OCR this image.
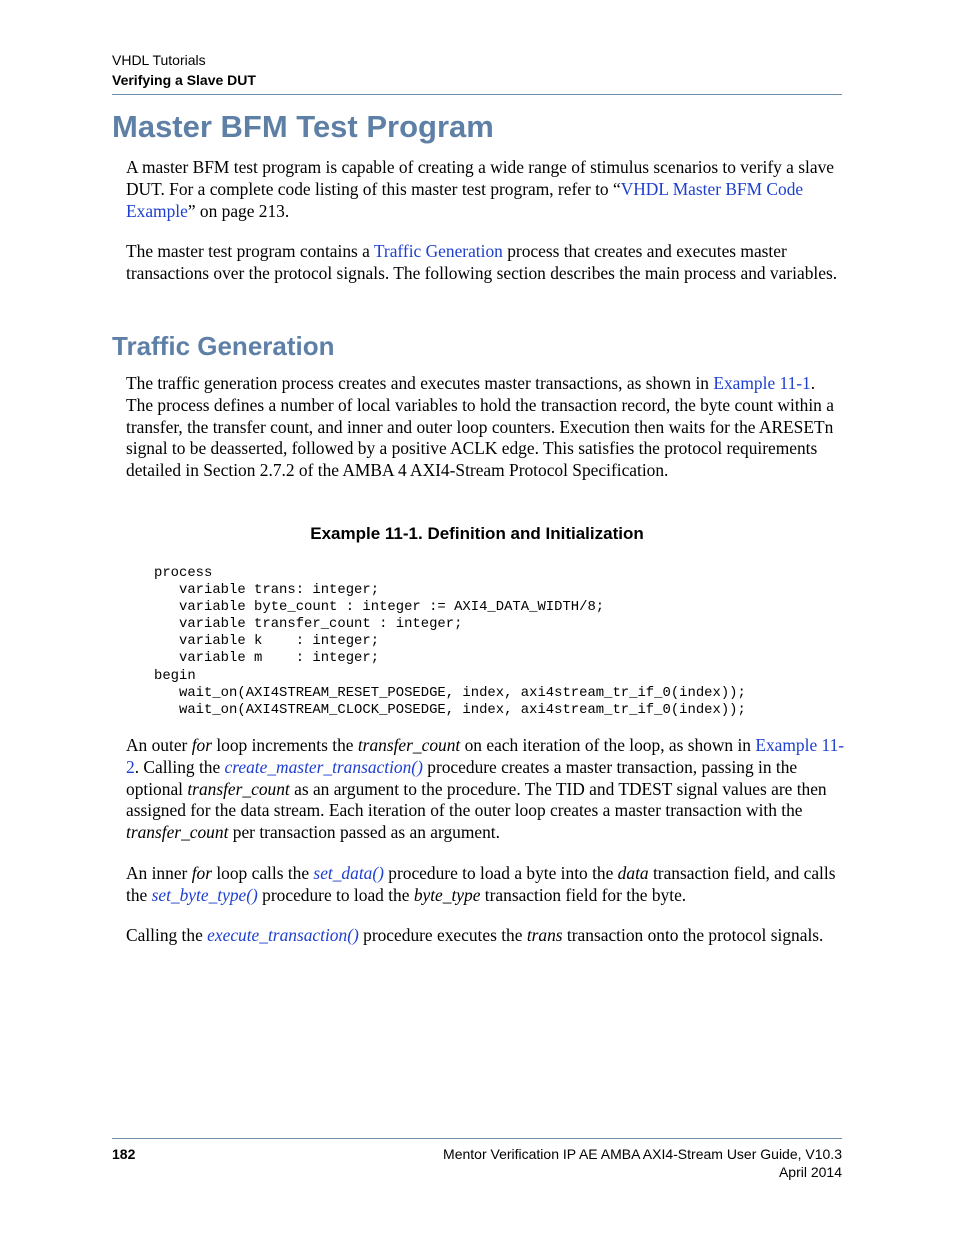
VHDL Tutorials
Verifying a Slave DUT
Master BFM Test Program

A master BFM test program is capable of creating a wide range of stimulus scenarios to verify a slave DUT. For a complete code listing of this master test program, refer to “VHDL Master BFM Code Example” on page 213.

The master test program contains a Traffic Generation process that creates and executes master transactions over the protocol signals. The following section describes the main process and variables.

Traffic Generation

The traffic generation process creates and executes master transactions, as shown in Example 11-1. The process defines a number of local variables to hold the transaction record, the byte count within a transfer, the transfer count, and inner and outer loop counters. Execution then waits for the ARESETn signal to be deasserted, followed by a positive ACLK edge. This satisfies the protocol requirements detailed in Section 2.7.2 of the AMBA 4 AXI4-Stream Protocol Specification.

Example 11-1. Definition and Initialization
process
variable trans: integer;
variable byte_count : integer := AXI4_DATA_WIDTH/8;
variable transfer_count : integer;
variable k    : integer;
variable m    : integer;
begin
wait_on(AXI4STREAM_RESET_POSEDGE, index, axi4stream_tr_if_0(index));
wait_on(AXI4STREAM_CLOCK_POSEDGE, index, axi4stream_tr_if_0(index));

An outer for loop increments the transfer_count on each iteration of the loop, as shown in Example 11-2. Calling the create_master_transaction() procedure creates a master transaction, passing in the optional transfer_count as an argument to the procedure. The TID and TDEST signal values are then assigned for the data stream. Each iteration of the outer loop creates a master transaction with the transfer_count per transaction passed as an argument.

An inner for loop calls the set_data() procedure to load a byte into the data transaction field, and calls the set_byte_type() procedure to load the byte_type transaction field for the byte.

Calling the execute_transaction() procedure executes the trans transaction onto the protocol signals.

182	Mentor Verification IP AE AMBA AXI4-Stream User Guide, V10.3
April 2014
